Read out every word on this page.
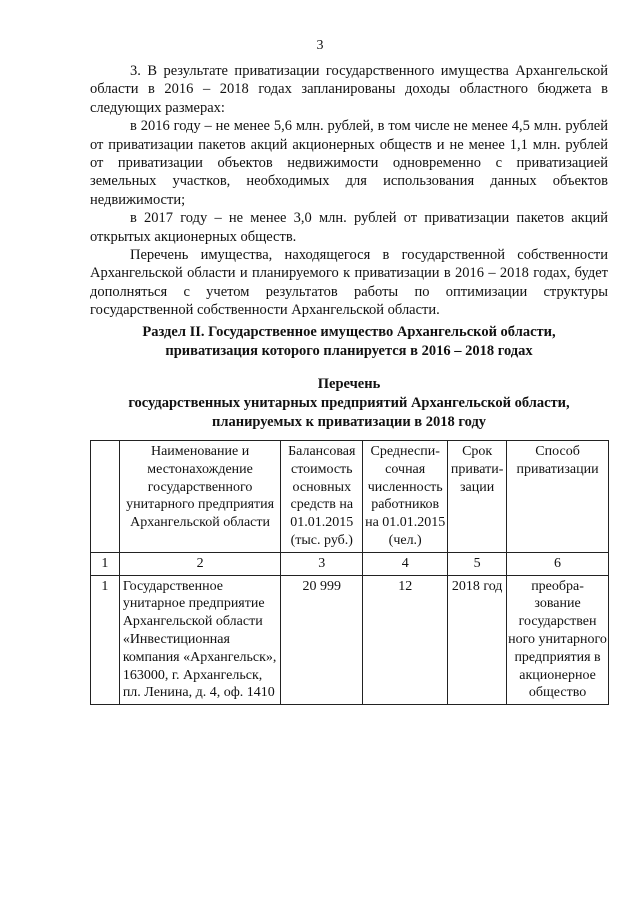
3

3. В результате приватизации государственного имущества Архангельской области в 2016 – 2018 годах запланированы доходы областного бюджета в следующих размерах:

в 2016 году – не менее 5,6 млн. рублей, в том числе не менее 4,5 млн. рублей от приватизации пакетов акций акционерных обществ и не менее 1,1 млн. рублей от приватизации объектов недвижимости одновременно с приватизацией земельных участков, необходимых для использования данных объектов недвижимости;

в 2017 году – не менее 3,0 млн. рублей от приватизации пакетов акций открытых акционерных обществ.

Перечень имущества, находящегося в государственной собственности Архангельской области и планируемого к приватизации в 2016 – 2018 годах, будет дополняться с учетом результатов работы по оптимизации структуры государственной собственности Архангельской области.

Раздел II. Государственное имущество Архангельской области,
приватизация которого планируется в 2016 – 2018 годах
Перечень
государственных унитарных предприятий Архангельской области,
планируемых к приватизации в 2018 году
	Наименование и местонахождение государственного унитарного предприятия Архангельской области	Балансовая стоимость основных средств на 01.01.2015 (тыс. руб.)	Среднеспи-сочная численность работников на 01.01.2015 (чел.)	Срок привати-зации	Способ приватизации
1	2	3	4	5	6
1	Государственное унитарное предприятие Архангельской области «Инвестиционная компания «Архангельск», 163000, г. Архангельск, пл. Ленина, д. 4, оф. 1410	20 999	12	2018 год	преобра-зование государствен ного унитарного предприятия в акционерное общество
